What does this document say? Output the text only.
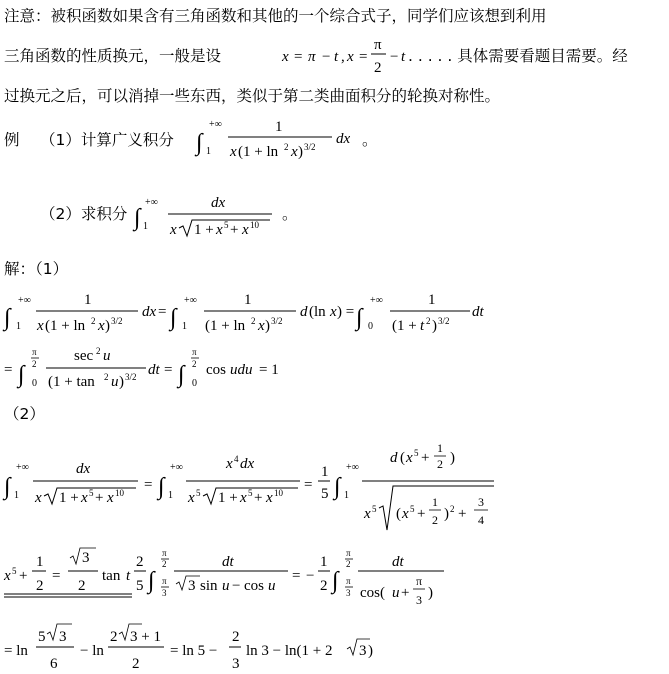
注意：被积函数如果含有三角函数和其他的一个综合式子，同学们应该想到利用
三角函数的性质换元，一般是设	. . . . . 具体需要看题目需要。经
过换元之后，可以消掉一些东西，类似于第二类曲面积分的轮换对称性。
例 （1）计算广义积分	。
（2）求积分	。
解：（1）
（2）
x = π − t , x =
π
2
− t
∫
+∞
1
1
x (1 + ln 2 x ) 3/2 dx
∫
+∞
1
dx
x 1 + x 5 + x 10
∫
+∞
1
1
x (1 + ln 2 x ) 3/2
dx = ∫
+∞
1
1
(1 + ln 2 x ) 3/2
d (ln x ) = ∫
+∞
0
1
(1 + t 2 ) 3/2
dt
= ∫
π
2
0
sec 2 u
(1 + tan 2 u ) 3/2 dt = ∫
π
2
0
cos udu = 1
∫
+∞
1
dx
x 1 + x 5 + x 10 = ∫
+∞
1
x 4 dx
x 5 1 + x 5 + x 10 =
1
5 ∫
+∞
1
d ( x 5 +
1
2 )
x 5 ( x 5 +
1
2 ) 2 +
3
4
x 5 +
1
2
=
3
2
tan t
2
5 ∫
π
2
π
3
dt
3 sin u − cos u
= −
1
2 ∫
π
2
π
3
dt
cos( u +
π
3 )
= ln
5 3
6
− ln
2 3 + 1
2
= ln 5 −
2
3
ln 3 − ln(1 + 2 3 )
